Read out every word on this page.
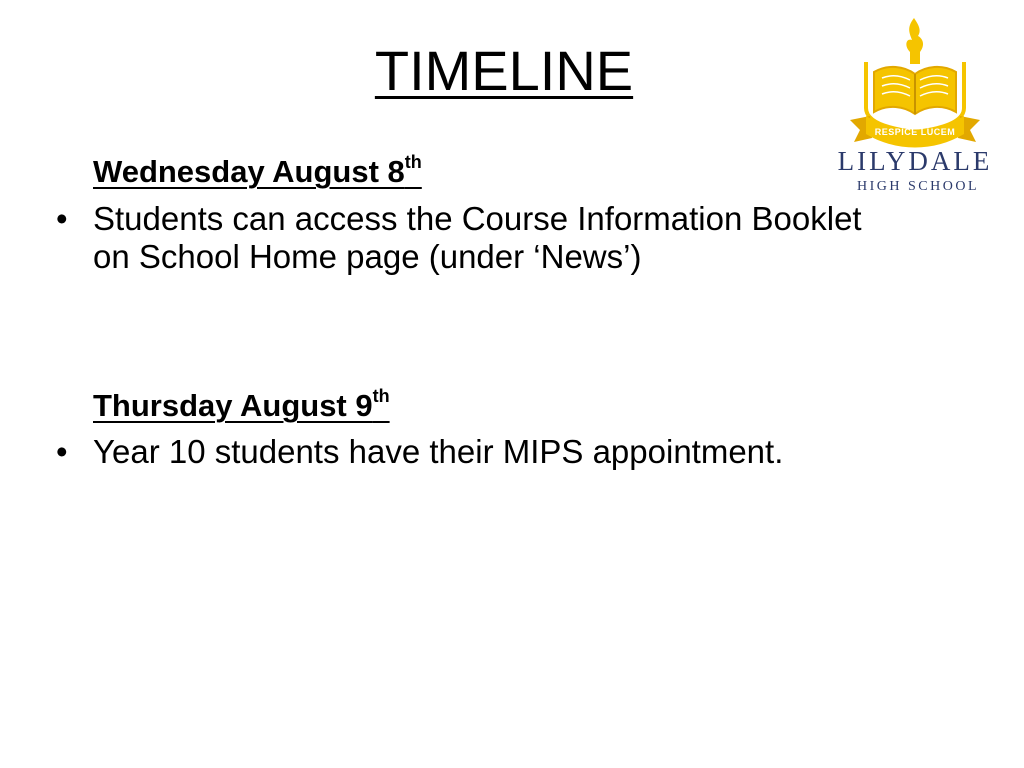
TIMELINE
RESPICE LUCEM
LILYDALE
HIGH SCHOOL
Wednesday August 8th
• Students can access the Course Information Booklet on School Home page (under ‘News’)
Thursday August 9th
• Year 10 students have their MIPS appointment.
